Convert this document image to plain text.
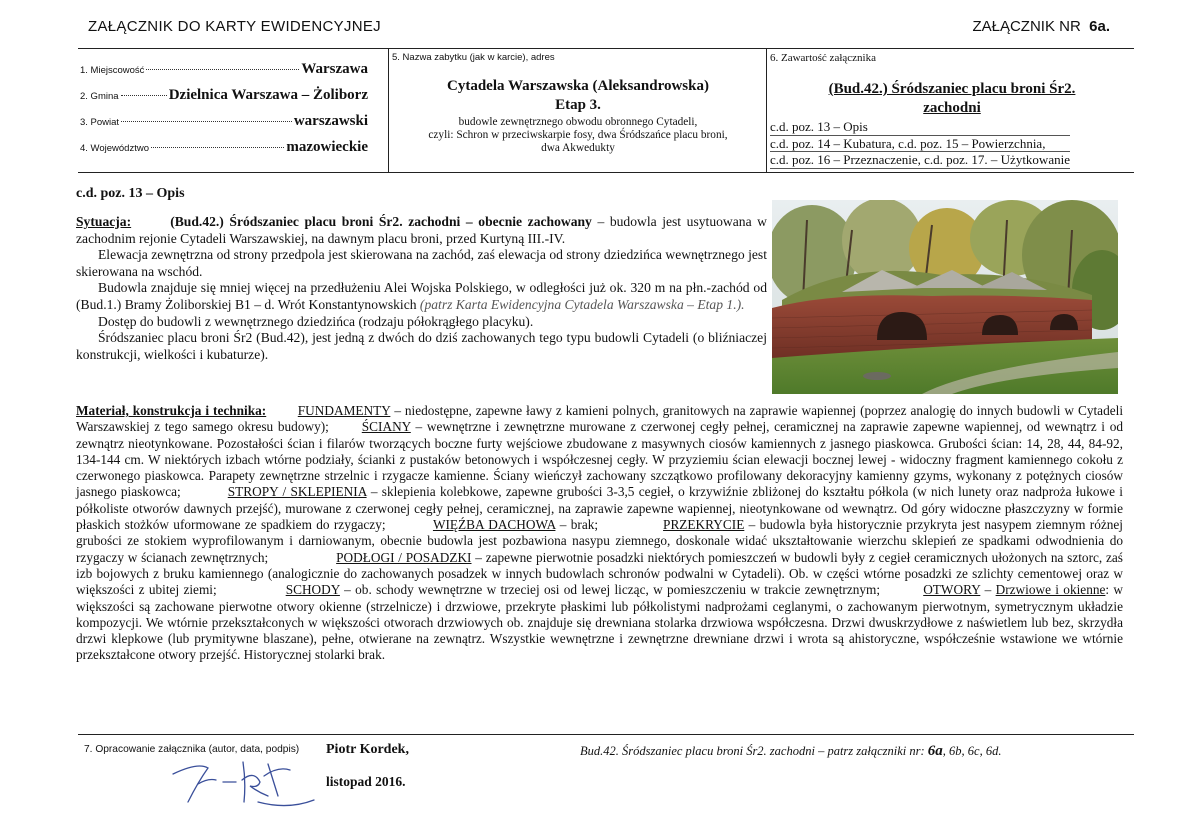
ZAŁĄCZNIK DO KARTY EWIDENCYJNEJ	ZAŁĄCZNIK NR 6a.
1. Miejscowość	Warszawa
2. Gmina	Dzielnica Warszawa – Żoliborz
3. Powiat	warszawski
4. Województwo	mazowieckie
5. Nazwa zabytku (jak w karcie), adres
Cytadela Warszawska (Aleksandrowska)
Etap 3.
budowle zewnętrznego obwodu obronnego Cytadeli,
czyli: Schron w przeciwskarpie fosy, dwa Śródszańce placu broni,
dwa Akwedukty
6. Zawartość załącznika
(Bud.42.) Śródszaniec placu broni Śr2.
zachodni
c.d. poz. 13 – Opis
c.d. poz. 14 – Kubatura, c.d. poz. 15 – Powierzchnia,
c.d. poz. 16 – Przeznaczenie, c.d. poz. 17. – Użytkowanie
c.d. poz. 13 – Opis

Sytuacja:	(Bud.42.) Śródszaniec placu broni Śr2. zachodni – obecnie zachowany – budowla jest usytuowana w zachodnim rejonie Cytadeli Warszawskiej, na dawnym placu broni, przed Kurtyną III.-IV.

Elewacja zewnętrzna od strony przedpola jest skierowana na zachód, zaś elewacja od strony dziedzińca wewnętrznego jest skierowana na wschód.

Budowla znajduje się mniej więcej na przedłużeniu Alei Wojska Polskiego, w odległości już ok. 320 m na płn.-zachód od (Bud.1.) Bramy Żoliborskiej B1 – d. Wrót Konstantynowskich (patrz Karta Ewidencyjna Cytadela Warszawska – Etap 1.).

Dostęp do budowli z wewnętrznego dziedzińca (rodzaju półokrągłego placyku).

Śródszaniec placu broni Śr2 (Bud.42), jest jedną z dwóch do dziś zachowanych tego typu budowli Cytadeli (o bliźniaczej konstrukcji, wielkości i kubaturze).

Materiał, konstrukcja i technika: FUNDAMENTY – niedostępne, zapewne ławy z kamieni polnych, granitowych na zaprawie wapiennej (poprzez analogię do innych budowli w Cytadeli Warszawskiej z tego samego okresu budowy); ŚCIANY – wewnętrzne i zewnętrzne murowane z czerwonej cegły pełnej, ceramicznej na zaprawie zapewne wapiennej, od wewnątrz i od zewnątrz nieotynkowane. Pozostałości ścian i filarów tworzących boczne furty wejściowe zbudowane z masywnych ciosów kamiennych z jasnego piaskowca. Grubości ścian: 14, 28, 44, 84-92, 134-144 cm. W niektórych izbach wtórne podziały, ścianki z pustaków betonowych i współczesnej cegły. W przyziemiu ścian elewacji bocznej lewej - widoczny fragment kamiennego cokołu z czerwonego piaskowca. Parapety zewnętrzne strzelnic i rzygacze kamienne. Ściany wieńczył zachowany szczątkowo profilowany dekoracyjny kamienny gzyms, wykonany z potężnych ciosów jasnego piaskowca;	STROPY / SKLEPIENIA – sklepienia kolebkowe, zapewne grubości 3-3,5 cegieł, o krzywiźnie zbliżonej do kształtu półkola (w nich lunety oraz nadproża łukowe i półkoliste otworów dawnych przejść), murowane z czerwonej cegły pełnej, ceramicznej, na zaprawie zapewne wapiennej, nieotynkowane od wewnątrz. Od góry widoczne płaszczyzny w formie płaskich stożków uformowane ze spadkiem do rzygaczy;	WIĘŹBA DACHOWA – brak;	PRZEKRYCIE – budowla była historycznie przykryta jest nasypem ziemnym różnej grubości ze stokiem wyprofilowanym i darniowanym, obecnie budowla jest pozbawiona nasypu ziemnego, doskonale widać ukształtowanie wierzchu sklepień ze spadkami odwodnienia do rzygaczy w ścianach zewnętrznych;	PODŁOGI / POSADZKI – zapewne pierwotnie posadzki niektórych pomieszczeń w budowli były z cegieł ceramicznych ułożonych na sztorc, zaś izb bojowych z bruku kamiennego (analogicznie do zachowanych posadzek w innych budowlach schronów podwalni w Cytadeli). Ob. w części wtórne posadzki ze szlichty cementowej oraz w większości z ubitej ziemi;	SCHODY – ob. schody wewnętrzne w trzeciej osi od lewej licząc, w pomieszczeniu w trakcie zewnętrznym;	OTWORY – Drzwiowe i okienne: w większości są zachowane pierwotne otwory okienne (strzelnicze) i drzwiowe, przekryte płaskimi lub półkolistymi nadprożami ceglanymi, o zachowanym pierwotnym, symetrycznym układzie kompozycji. We wtórnie przekształconych w większości otworach drzwiowych ob. znajduje się drewniana stolarka drzwiowa współczesna. Drzwi dwuskrzydłowe z naświetlem lub bez, skrzydła drzwi klepkowe (lub prymitywne blaszane), pełne, otwierane na zewnątrz. Wszystkie wewnętrzne i zewnętrzne drewniane drzwi i wrota są ahistoryczne, współcześnie wstawione we wtórnie przekształcone otwory przejść. Historycznej stolarki brak.
7. Opracowanie załącznika (autor, data, podpis) Piotr Kordek,
listopad 2016.
Bud.42. Śródszaniec placu broni Śr2. zachodni – patrz załączniki nr: 6a, 6b, 6c, 6d.
